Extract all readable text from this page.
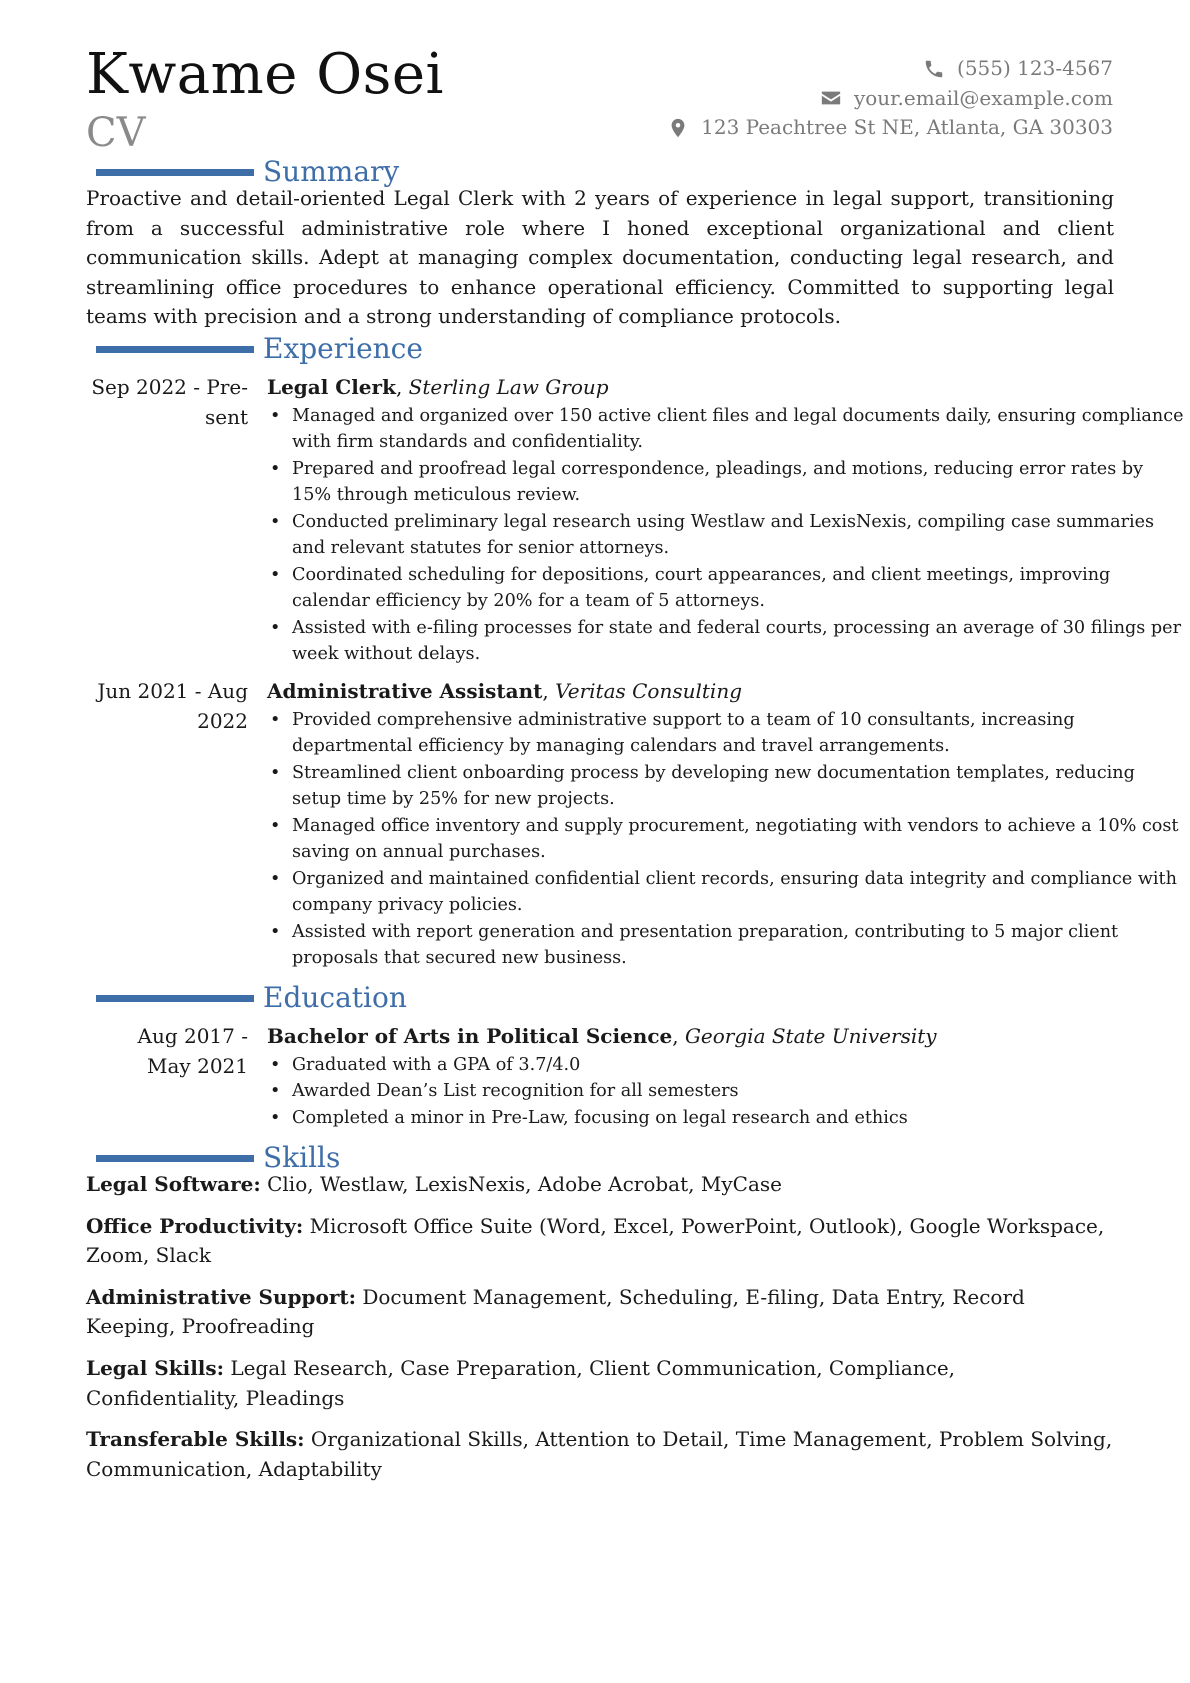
Kwame Osei
CV
(555) 123-4567
your.email@example.com
123 Peachtree St NE, Atlanta, GA 30303
Summary
Proactive and detail-oriented Legal Clerk with 2 years of experience in legal support, transitioning from a successful administrative role where I honed exceptional organizational and client communication skills. Adept at managing complex documentation, conducting legal research, and streamlining office procedures to enhance operational efficiency. Committed to supporting legal teams with precision and a strong understanding of compliance protocols.
Experience
Sep 2022 - Pre-
sent
Legal Clerk, Sterling Law Group
• Managed and organized over 150 active client files and legal documents daily, ensuring compliance with firm standards and confidentiality.
• Prepared and proofread legal correspondence, pleadings, and motions, reducing error rates by 15% through meticulous review.
• Conducted preliminary legal research using Westlaw and LexisNexis, compiling case summaries and relevant statutes for senior attorneys.
• Coordinated scheduling for depositions, court appearances, and client meetings, improving calendar efficiency by 20% for a team of 5 attorneys.
• Assisted with e-filing processes for state and federal courts, processing an average of 30 filings per week without delays.
Jun 2021 - Aug
2022
Administrative Assistant, Veritas Consulting
• Provided comprehensive administrative support to a team of 10 consultants, increasing departmental efficiency by managing calendars and travel arrangements.
• Streamlined client onboarding process by developing new documentation templates, reducing setup time by 25% for new projects.
• Managed office inventory and supply procurement, negotiating with vendors to achieve a 10% cost saving on annual purchases.
• Organized and maintained confidential client records, ensuring data integrity and compliance with company privacy policies.
• Assisted with report generation and presentation preparation, contributing to 5 major client proposals that secured new business.
Education
Aug 2017 -
May 2021
Bachelor of Arts in Political Science, Georgia State University
• Graduated with a GPA of 3.7/4.0
• Awarded Dean’s List recognition for all semesters
• Completed a minor in Pre-Law, focusing on legal research and ethics
Skills
Legal Software: Clio, Westlaw, LexisNexis, Adobe Acrobat, MyCase
Office Productivity: Microsoft Office Suite (Word, Excel, PowerPoint, Outlook), Google Workspace, Zoom, Slack
Administrative Support: Document Management, Scheduling, E-filing, Data Entry, Record Keeping, Proofreading
Legal Skills: Legal Research, Case Preparation, Client Communication, Compliance, Confidentiality, Pleadings
Transferable Skills: Organizational Skills, Attention to Detail, Time Management, Problem Solving, Communication, Adaptability
